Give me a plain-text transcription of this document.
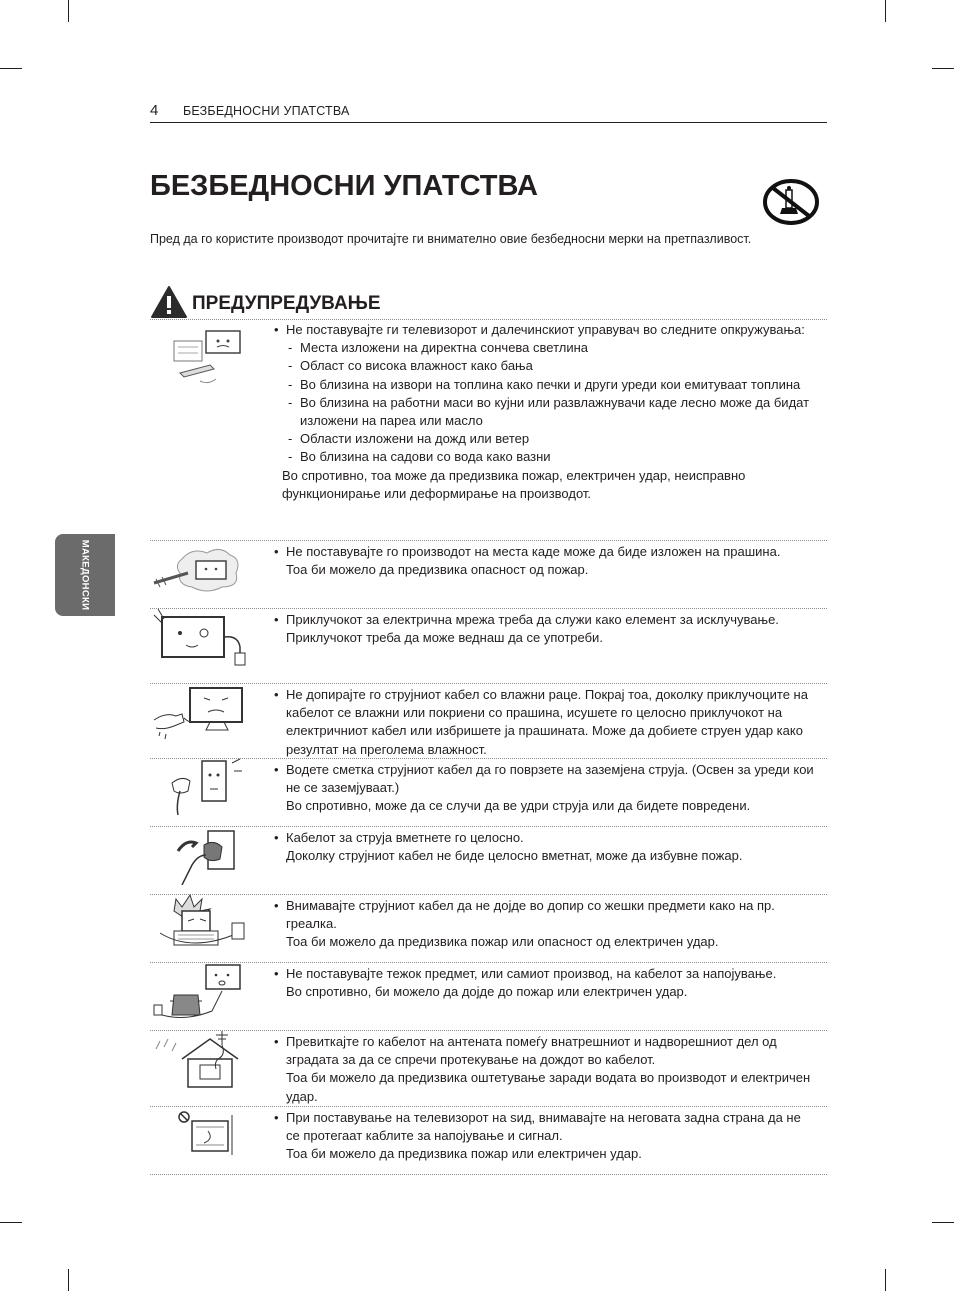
4 БЕЗБЕДНОСНИ УПАТСТВА
МАКЕДОНСКИ
БЕЗБЕДНОСНИ УПАТСТВА

Пред да го користите производот прочитајте ги внимателно овие безбедносни мерки на претпазливост.

ПРЕДУПРЕДУВАЊЕ

• Не поставувајте ги телевизорот и далечинскиот управувач во следните опкружувања:

- Места изложени на директна сончева светлина

- Област со висока влажност како бања

- Во близина на извори на топлина како печки и други уреди кои емитуваат топлина

- Во близина на работни маси во кујни или развлажнувачи каде лесно може да бидат изложени на пареа или масло

- Области изложени на дожд или ветер

- Во близина на садови со вода како вазни

Во спротивно, тоа може да предизвика пожар, електричен удар, неисправно функционирање или деформирање на производот.

• Не поставувајте го производот на места каде може да биде изложен на прашина.

Тоа би можело да предизвика опасност од пожар.

• Приклучокот за електрична мрежа треба да служи како елемент за исклучување. Приклучокот треба да може веднаш да се употреби.

• Не допирајте го струјниот кабел со влажни раце. Покрај тоа, доколку приклучоците на кабелот се влажни или покриени со прашина, исушете го целосно приклучокот на електричниот кабел или избришете ја прашината. Може да добиете струен удар како резултат на преголема влажност.

• Водете сметка струјниот кабел да го поврзете на заземјена струја. (Освен за уреди кои не се заземјуваат.)

Во спротивно, може да се случи да ве удри струја или да бидете повредени.

• Кабелот за струја вметнете го целосно.

Доколку струјниот кабел не биде целосно вметнат, може да избувне пожар.

• Внимавајте струјниот кабел да не дојде во допир со жешки предмети како на пр. греалка.

Тоа би можело да предизвика пожар или опасност од електричен удар.

• Не поставувајте тежок предмет, или самиот производ, на кабелот за напојување.

Во спротивно, би можело да дојде до пожар или електричен удар.

• Превиткајте го кабелот на антената помеѓу внатрешниот и надворешниот дел од зградата за да се спречи протекување на дождот во кабелот.

Тоа би можело да предизвика оштетување заради водата во производот и електричен удар.

• При поставување на телевизорот на ѕид, внимавајте на неговата задна страна да не се протегаат каблите за напојување и сигнал.

Тоа би можело да предизвика пожар или електричен удар.
